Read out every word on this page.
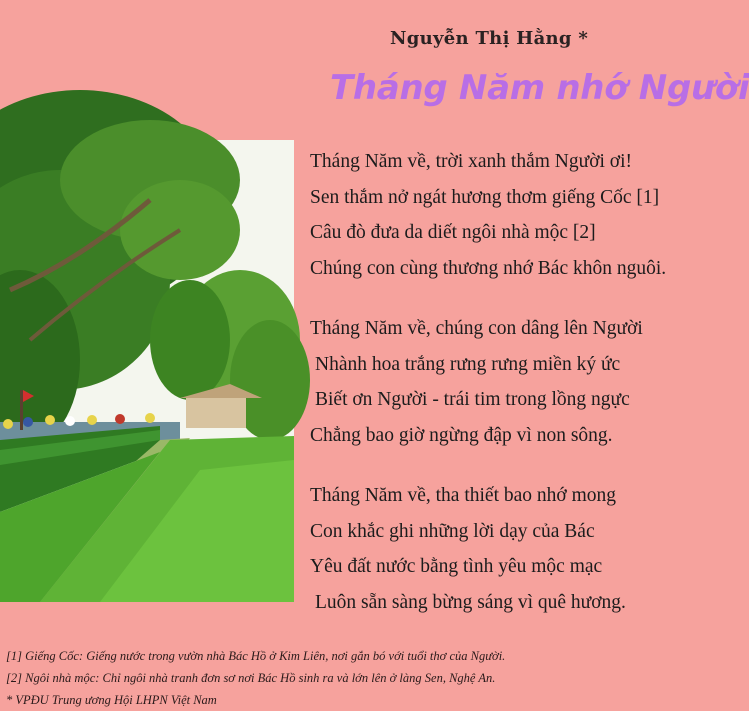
Nguyễn Thị Hằng *
Tháng Năm nhớ Người
Tháng Năm về, trời xanh thắm Người ơi!
Sen thắm nở ngát hương thơm giếng Cốc [1]
Câu đò đưa da diết ngôi nhà mộc [2]
Chúng con cùng thương nhớ Bác khôn nguôi.
Tháng Năm về, chúng con dâng lên Người
Nhành hoa trắng rưng rưng miền ký ức
Biết ơn Người - trái tim trong lồng ngực
Chẳng bao giờ ngừng đập vì non sông.
Tháng Năm về, tha thiết bao nhớ mong
Con khắc ghi những lời dạy của Bác
Yêu đất nước bằng tình yêu mộc mạc
Luôn sẵn sàng bừng sáng vì quê hương.
[1] Giếng Cốc: Giếng nước trong vườn nhà Bác Hồ ở Kim Liên, nơi gắn bó với tuổi thơ của Người.
[2] Ngôi nhà mộc: Chỉ ngôi nhà tranh đơn sơ nơi Bác Hồ sinh ra và lớn lên ở làng Sen, Nghệ An.
* VPĐU Trung ương Hội LHPN Việt Nam
